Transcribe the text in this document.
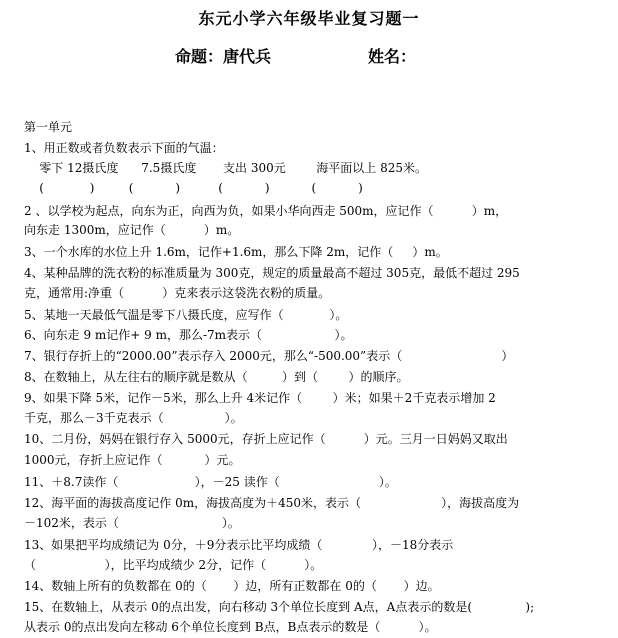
东元小学六年级毕业复习题一
命题：唐代兵	姓名：
第一单元
1、用正数或者负数表示下面的气温：
零下 12摄氏度      7.5摄氏度       支出 300元        海平面以上 825米。
(            )         (           )          (           )           (           )
2 、以学校为起点，向东为正，向西为负，如果小华向西走 500m，应记作（          ）m，
向东走 1300m，应记作（          ）m。
3、一个水库的水位上升 1.6m，记作+1.6m，那么下降 2m，记作（     ）m。
4、某种品牌的洗衣粉的标准质量为 300克，规定的质量最高不超过 305克，最低不超过 295
克，通常用:净重（          ）克来表示这袋洗衣粉的质量。
5、某地一天最低气温是零下八摄氏度，应写作（            ）。
6、向东走 9 m记作+ 9 m，那么-7m表示（                   ）。
7、银行存折上的“2000.00”表示存入 2000元，那么“-500.00”表示（                          ）
8、在数轴上，从左往右的顺序就是数从（         ）到（        ）的顺序。
9、如果下降 5米，记作－5米，那么上升 4米记作（        ）米；如果＋2千克表示增加 2
千克，那么－3千克表示（                ）。
10、二月份，妈妈在银行存入 5000元，存折上应记作（          ）元。三月一日妈妈又取出
1000元，存折上应记作（           ）元。
11、＋8.7读作（                    ），－25 读作（                          ）。
12、海平面的海拔高度记作 0m，海拔高度为＋450米，表示（                     ），海拔高度为
－102米，表示（                           ）。
13、如果把平均成绩记为 0分，＋9分表示比平均成绩（             ），－18分表示
（                  ），比平均成绩少 2分，记作（          ）。
14、数轴上所有的负数都在 0的（       ）边，所有正数都在 0的（       ）边。
15、在数轴上，从表示 0的点出发，向右移动 3个单位长度到 A点，A点表示的数是(              );
从表示 0的点出发向左移动 6个单位长度到 B点，B点表示的数是（          ）。
